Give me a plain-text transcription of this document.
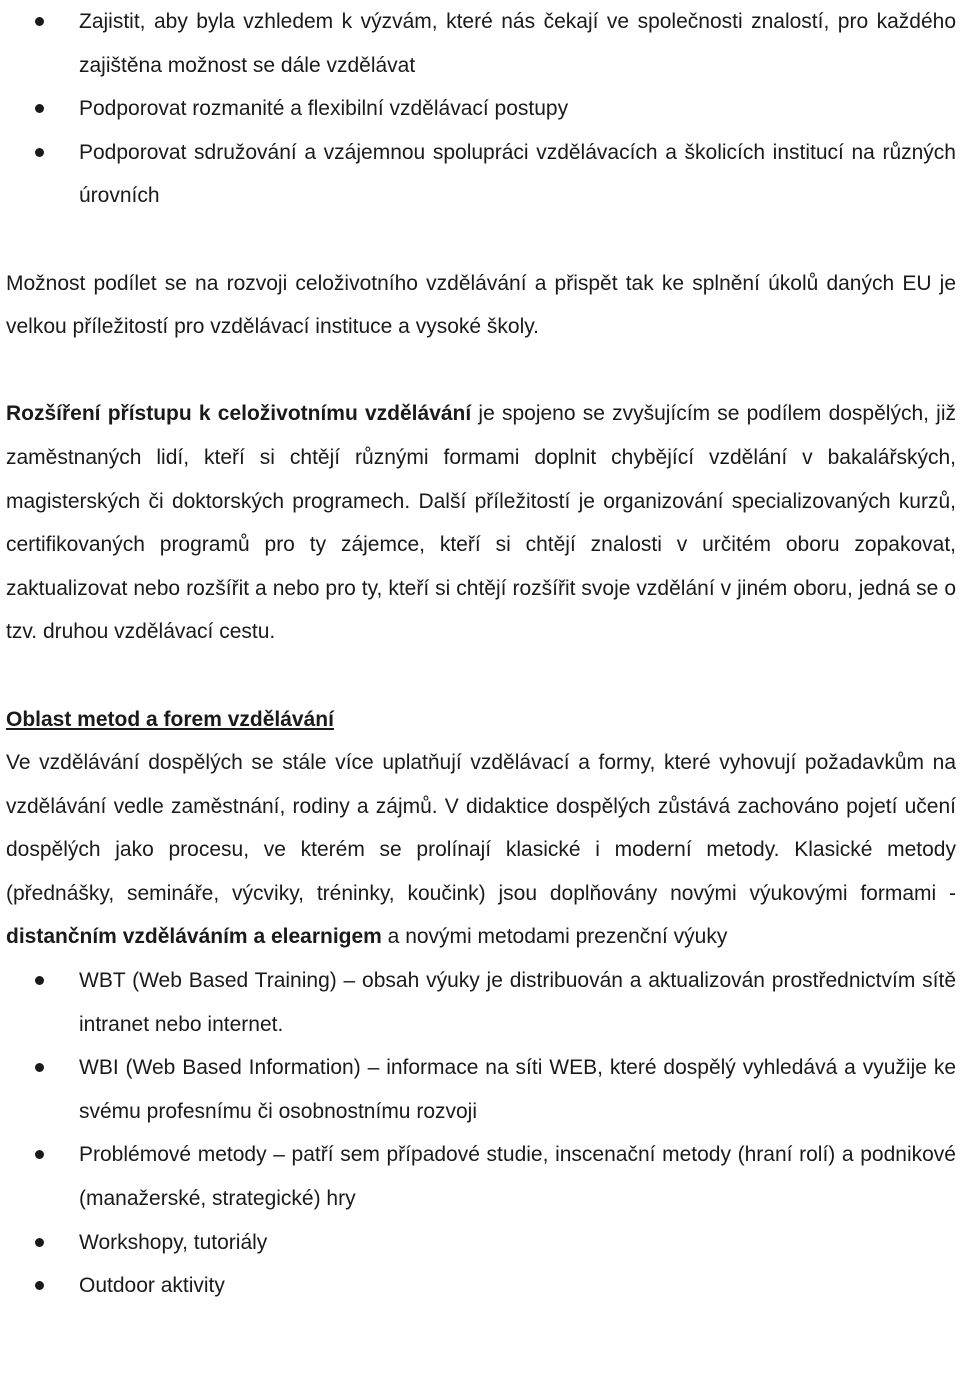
Zajistit, aby byla vzhledem k výzvám, které nás čekají ve společnosti znalostí, pro každého zajištěna možnost se dále vzdělávat
Podporovat rozmanité a flexibilní vzdělávací postupy
Podporovat sdružování a vzájemnou spolupráci vzdělávacích a školicích institucí na různých úrovních

Možnost podílet se na rozvoji celoživotního vzdělávání a přispět tak ke splnění úkolů daných EU je velkou příležitostí pro vzdělávací instituce a vysoké školy.

Rozšíření přístupu k celoživotnímu vzdělávání je spojeno se zvyšujícím se podílem dospělých, již zaměstnaných lidí, kteří si chtějí různými formami doplnit chybějící vzdělání v bakalářských, magisterských či doktorských programech. Další příležitostí je organizování specializovaných kurzů, certifikovaných programů pro ty zájemce, kteří si chtějí znalosti v určitém oboru zopakovat, zaktualizovat nebo rozšířit a nebo pro ty, kteří si chtějí rozšířit svoje vzdělání v jiném oboru, jedná se o tzv. druhou vzdělávací cestu.

Oblast metod a forem vzdělávání

Ve vzdělávání dospělých se stále více uplatňují vzdělávací a formy, které vyhovují požadavkům na vzdělávání vedle zaměstnání, rodiny a zájmů. V didaktice dospělých zůstává zachováno pojetí učení dospělých jako procesu, ve kterém se prolínají klasické i moderní metody. Klasické metody (přednášky, semináře, výcviky, tréninky, koučink) jsou doplňovány novými výukovými formami - distančním vzděláváním a elearnigem a novými metodami prezenční výuky

WBT (Web Based Training) – obsah výuky je distribuován a aktualizován prostřednictvím sítě intranet nebo internet.
WBI (Web Based Information) – informace na síti WEB, které dospělý vyhledává a využije ke svému profesnímu či osobnostnímu rozvoji
Problémové metody – patří sem případové studie, inscenační metody (hraní rolí) a podnikové (manažerské, strategické) hry
Workshopy, tutoriály
Outdoor aktivity
